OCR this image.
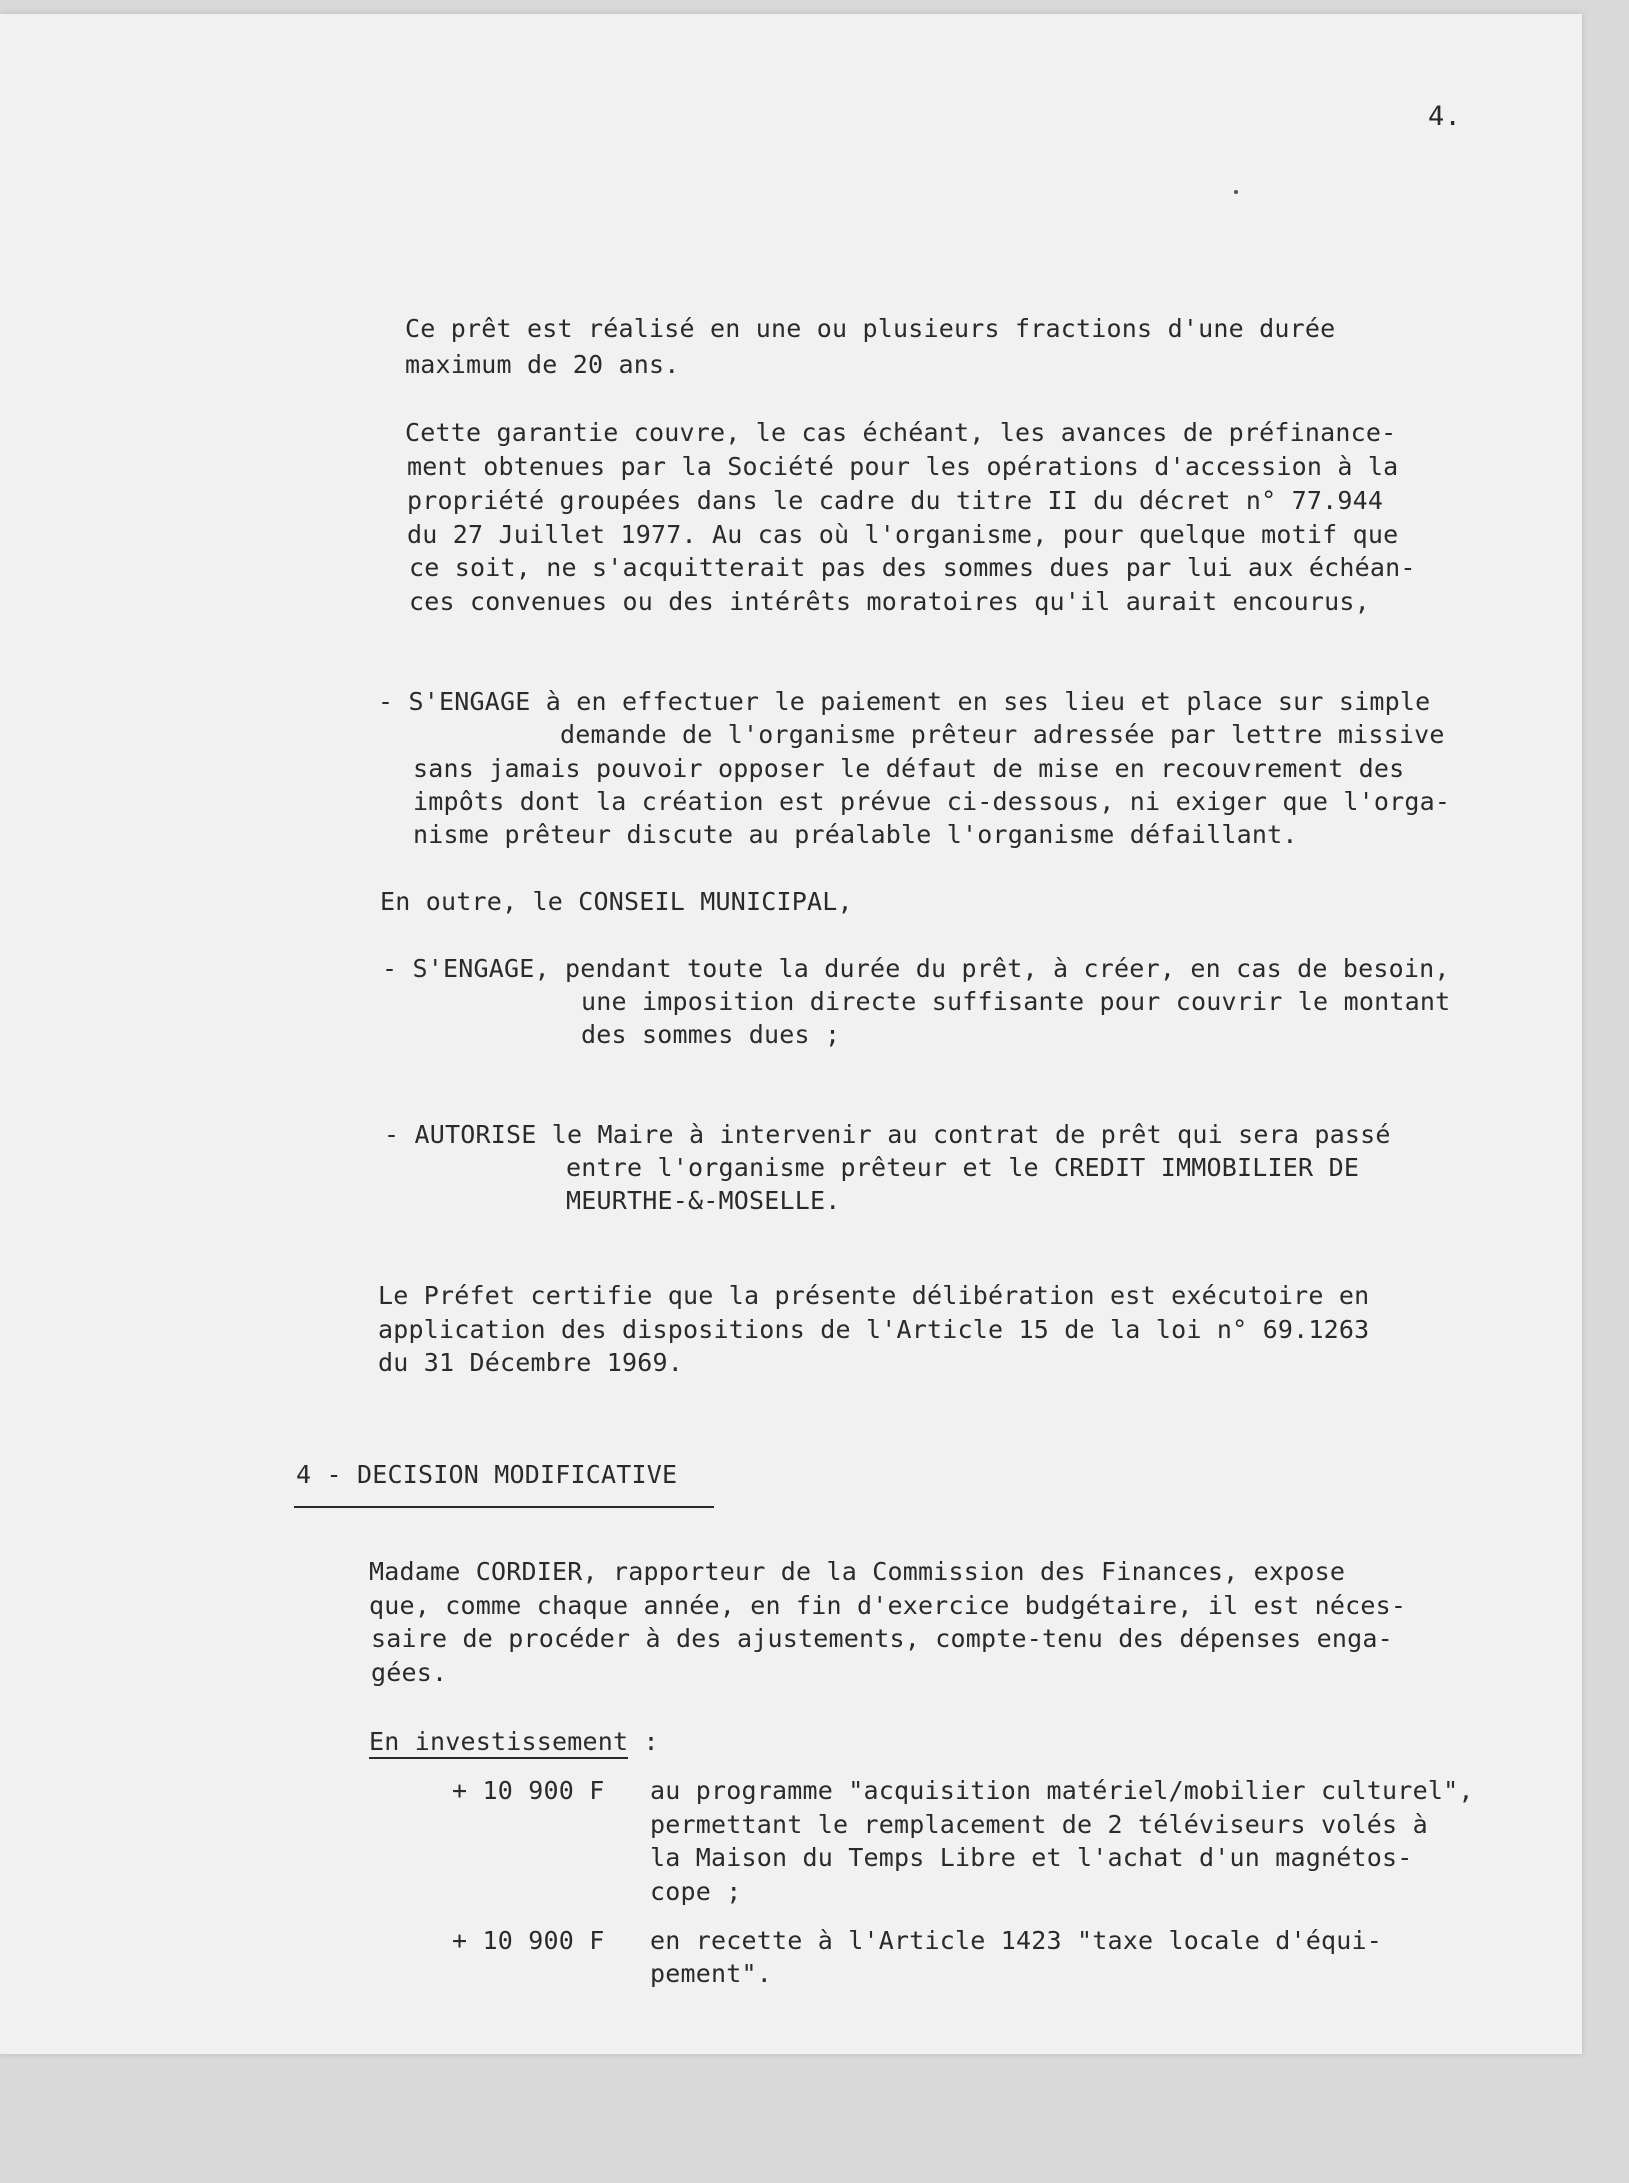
4.
Ce prêt est réalisé en une ou plusieurs fractions d'une durée
maximum de 20 ans.
Cette garantie couvre, le cas échéant, les avances de préfinance-
ment obtenues par la Société pour les opérations d'accession à la
propriété groupées dans le cadre du titre II du décret n° 77.944
du 27 Juillet 1977. Au cas où l'organisme, pour quelque motif que
ce soit, ne s'acquitterait pas des sommes dues par lui aux échéan-
ces convenues ou des intérêts moratoires qu'il aurait encourus,
- S'ENGAGE à en effectuer le paiement en ses lieu et place sur simple
demande de l'organisme prêteur adressée par lettre missive
sans jamais pouvoir opposer le défaut de mise en recouvrement des
impôts dont la création est prévue ci-dessous, ni exiger que l'orga-
nisme prêteur discute au préalable l'organisme défaillant.
En outre, le CONSEIL MUNICIPAL,
- S'ENGAGE, pendant toute la durée du prêt, à créer, en cas de besoin,
une imposition directe suffisante pour couvrir le montant
des sommes dues ;
- AUTORISE le Maire à intervenir au contrat de prêt qui sera passé
entre l'organisme prêteur et le CREDIT IMMOBILIER DE
MEURTHE-&-MOSELLE.
Le Préfet certifie que la présente délibération est exécutoire en
application des dispositions de l'Article 15 de la loi n° 69.1263
du 31 Décembre 1969.
4 - DECISION MODIFICATIVE
Madame CORDIER, rapporteur de la Commission des Finances, expose
que, comme chaque année, en fin d'exercice budgétaire, il est néces-
saire de procéder à des ajustements, compte-tenu des dépenses enga-
gées.
En investissement :
+ 10 900 F au programme "acquisition matériel/mobilier culturel",
permettant le remplacement de 2 téléviseurs volés à
la Maison du Temps Libre et l'achat d'un magnétos-
cope ;
+ 10 900 F en recette à l'Article 1423 "taxe locale d'équi-
pement".
